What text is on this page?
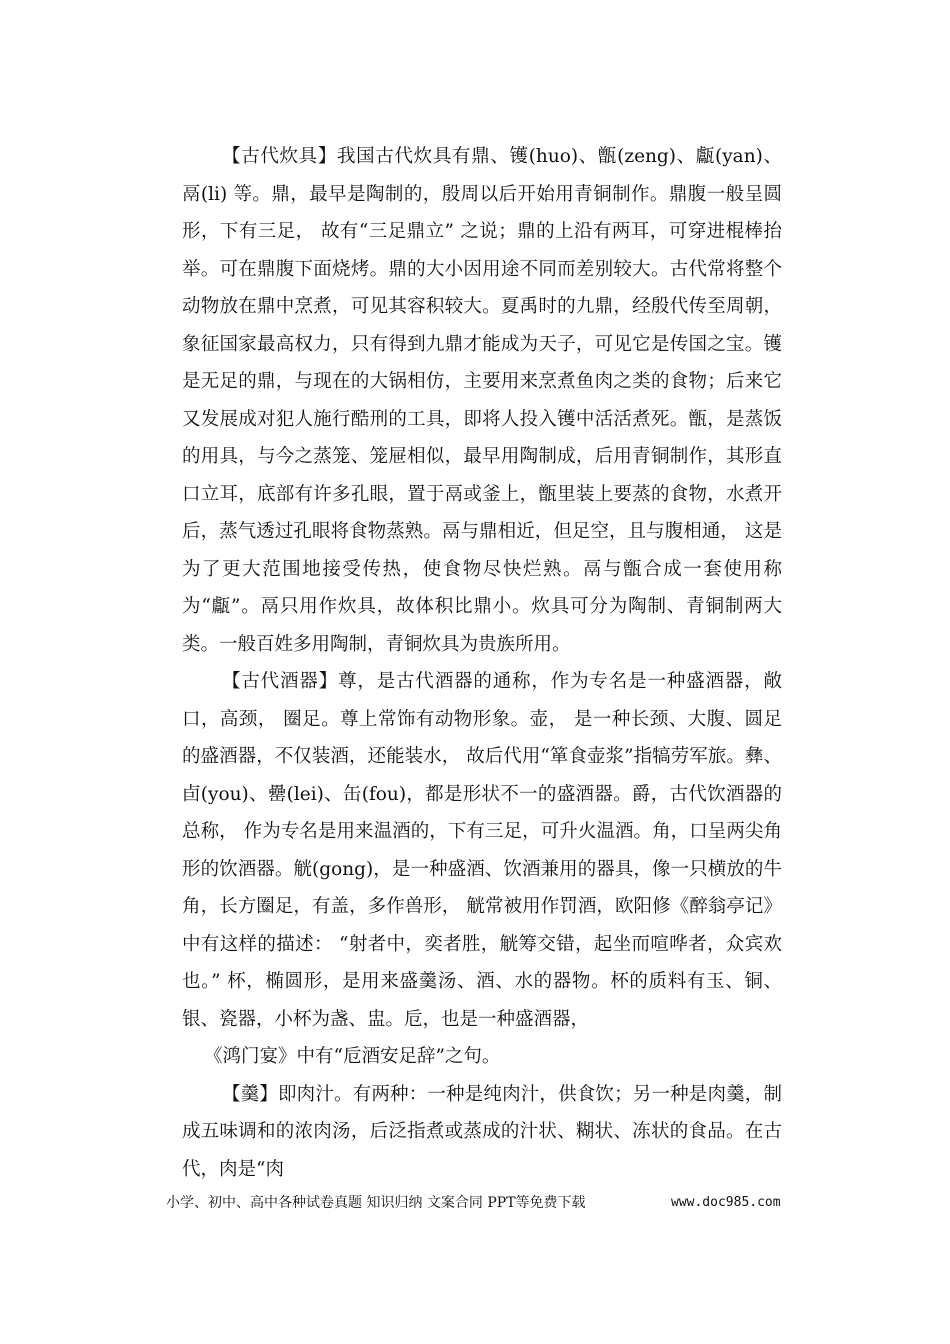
【古代炊具】我国古代炊具有鼎、镬(huo)、甑(zeng)、甗(yan)、鬲(li) 等。鼎，最早是陶制的，殷周以后开始用青铜制作。鼎腹一般呈圆形，下有三足， 故有“三足鼎立” 之说；鼎的上沿有两耳，可穿进棍棒抬举。可在鼎腹下面烧烤。鼎的大小因用途不同而差别较大。古代常将整个动物放在鼎中烹煮，可见其容积较大。夏禹时的九鼎，经殷代传至周朝，象征国家最高权力，只有得到九鼎才能成为天子，可见它是传国之宝。镬是无足的鼎，与现在的大锅相仿，主要用来烹煮鱼肉之类的食物；后来它又发展成对犯人施行酷刑的工具，即将人投入镬中活活煮死。甑，是蒸饭的用具，与今之蒸笼、笼屉相似，最早用陶制成，后用青铜制作，其形直口立耳，底部有许多孔眼，置于鬲或釜上，甑里装上要蒸的食物，水煮开后，蒸气透过孔眼将食物蒸熟。鬲与鼎相近，但足空，且与腹相通， 这是为了更大范围地接受传热，使食物尽快烂熟。鬲与甑合成一套使用称为“甗”。鬲只用作炊具，故体积比鼎小。炊具可分为陶制、青铜制两大类。一般百姓多用陶制，青铜炊具为贵族所用。

【古代酒器】尊，是古代酒器的通称，作为专名是一种盛酒器，敞口，高颈， 圈足。尊上常饰有动物形象。壶， 是一种长颈、大腹、圆足的盛酒器，不仅装酒，还能装水， 故后代用“箪食壶浆”指犒劳军旅。彝、卣(you)、罍(lei)、缶(fou)，都是形状不一的盛酒器。爵，古代饮酒器的总称， 作为专名是用来温酒的，下有三足，可升火温酒。角，口呈两尖角形的饮酒器。觥(gong)，是一种盛酒、饮酒兼用的器具，像一只横放的牛角，长方圈足，有盖，多作兽形， 觥常被用作罚酒，欧阳修《醉翁亭记》中有这样的描述： “射者中，奕者胜，觥筹交错，起坐而喧哗者，众宾欢也。” 杯，椭圆形，是用来盛羹汤、酒、水的器物。杯的质料有玉、铜、银、瓷器，小杯为盏、盅。卮，也是一种盛酒器，

《鸿门宴》中有“卮酒安足辞”之句。

【羹】即肉汁。有两种：一种是纯肉汁，供食饮；另一种是肉羹，制成五味调和的浓肉汤，后泛指煮或蒸成的汁状、糊状、冻状的食品。在古代，肉是“肉

小学、初中、高中各种试卷真题 知识归纳 文案合同 PPT等免费下载	www.doc985.com
